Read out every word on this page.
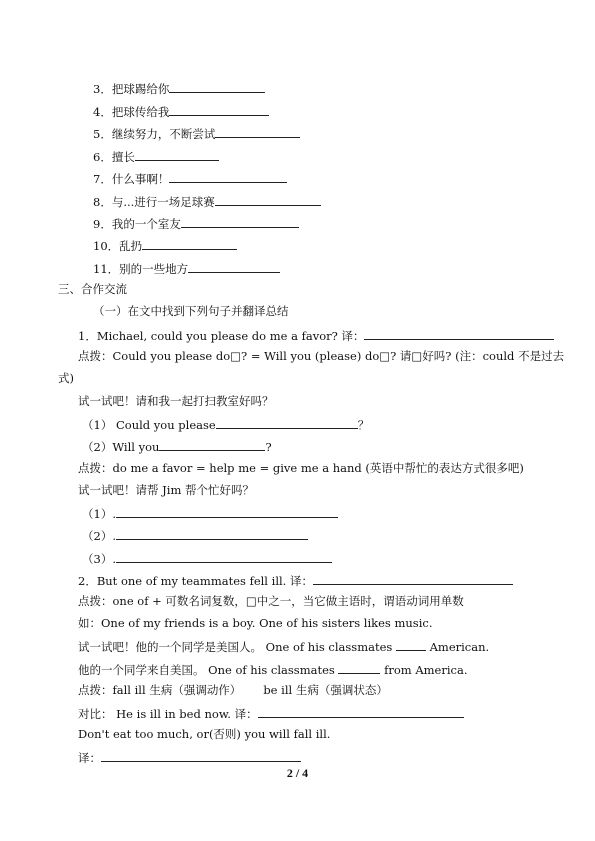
3．把球踢给你
4．把球传给我
5．继续努力，不断尝试
6．擅长
7．什么事啊！
8．与...进行一场足球赛
9．我的一个室友
10．乱扔
11．别的一些地方
三、合作交流
（一）在文中找到下列句子并翻译总结
1．Michael, could you please do me a favor? 译：
点拨：Could you please do□? = Will you (please) do□? 请□好吗? (注：could 不是过去
式)
试一试吧！请和我一起打扫教室好吗？
（1） Could you please	？
（2）Will you	?
点拨：do me a favor = help me = give me a hand (英语中帮忙的表达方式很多吧)
试一试吧！请帮 Jim 帮个忙好吗？
（1）.
（2）.
（3）.
2．But one of my teammates fell ill. 译：
点拨：one of + 可数名词复数，□中之一，当它做主语时，谓语动词用单数
如：One of my friends is a boy. One of his sisters likes music.
试一试吧！他的一个同学是美国人。 One of his classmates	American.
他的一个同学来自美国。 One of his classmates	from America.
点拨：fall ill 生病（强调动作） be ill 生病（强调状态）
对比： He is ill in bed now. 译：
Don't eat too much, or(否则) you will fall ill.
译：
2 / 4
